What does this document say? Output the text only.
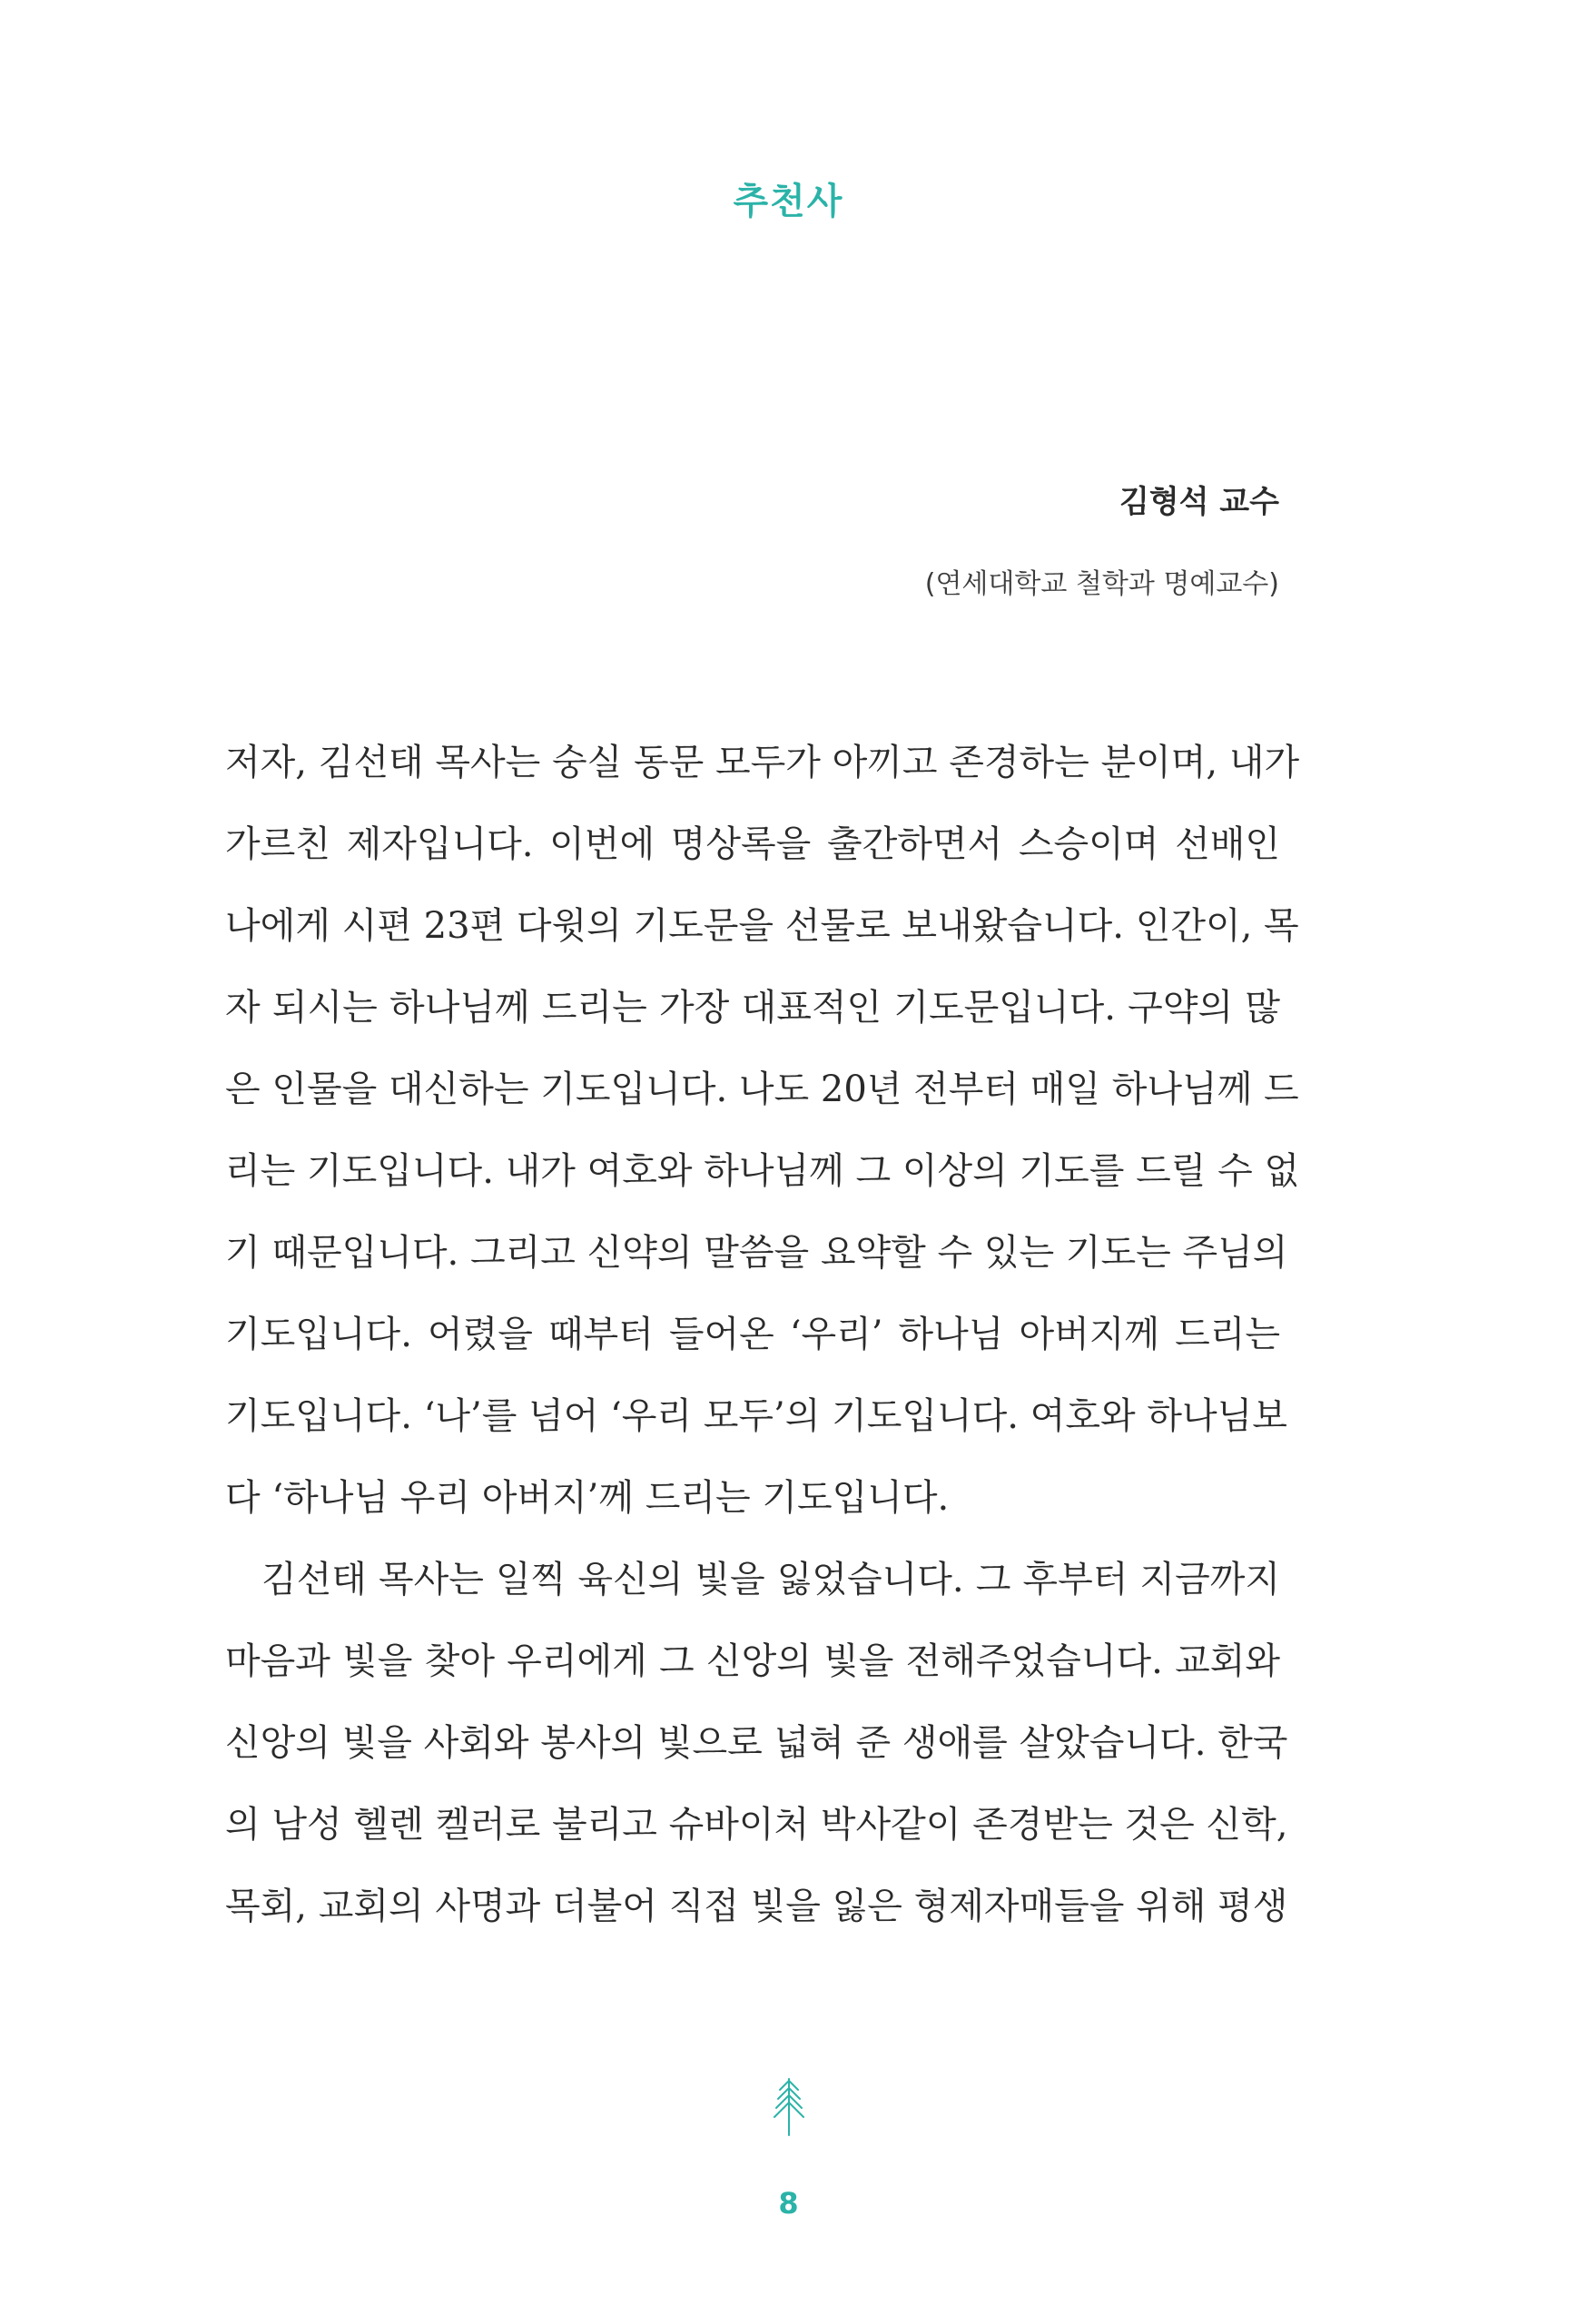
추천사
김형석 교수
(연세대학교 철학과 명예교수)
저자, 김선태 목사는 숭실 동문 모두가 아끼고 존경하는 분이며, 내가
가르친 제자입니다. 이번에 명상록을 출간하면서 스승이며 선배인
나에게 시편 23편 다윗의 기도문을 선물로 보내왔습니다. 인간이, 목
자 되시는 하나님께 드리는 가장 대표적인 기도문입니다. 구약의 많
은 인물을 대신하는 기도입니다. 나도 20년 전부터 매일 하나님께 드
리는 기도입니다. 내가 여호와 하나님께 그 이상의 기도를 드릴 수 없
기 때문입니다. 그리고 신약의 말씀을 요약할 수 있는 기도는 주님의
기도입니다. 어렸을 때부터 들어온 ‘우리’ 하나님 아버지께 드리는
기도입니다. ‘나’를 넘어 ‘우리 모두’의 기도입니다. 여호와 하나님보
다 ‘하나님 우리 아버지’께 드리는 기도입니다.
김선태 목사는 일찍 육신의 빛을 잃었습니다. 그 후부터 지금까지
마음과 빛을 찾아 우리에게 그 신앙의 빛을 전해주었습니다. 교회와
신앙의 빛을 사회와 봉사의 빛으로 넓혀 준 생애를 살았습니다. 한국
의 남성 헬렌 켈러로 불리고 슈바이처 박사같이 존경받는 것은 신학,
목회, 교회의 사명과 더불어 직접 빛을 잃은 형제자매들을 위해 평생
8
